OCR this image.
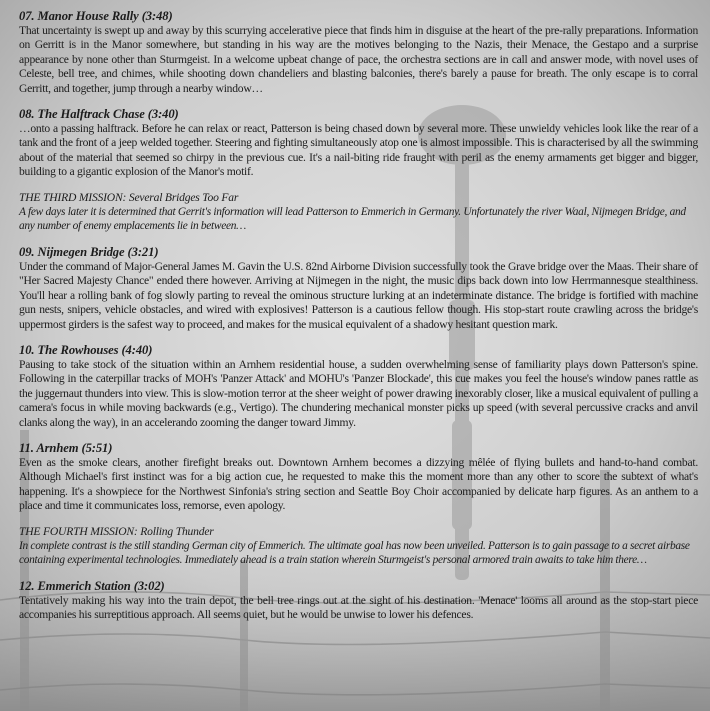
07. Manor House Rally (3:48)
That uncertainty is swept up and away by this scurrying accelerative piece that finds him in disguise at the heart of the pre-rally preparations. Information on Gerritt is in the Manor somewhere, but standing in his way are the motives belonging to the Nazis, their Menace, the Gestapo and a surprise appearance by none other than Sturmgeist. In a welcome upbeat change of pace, the orchestra sections are in call and answer mode, with novel uses of Celeste, bell tree, and chimes, while shooting down chandeliers and blasting balconies, there's barely a pause for breath. The only escape is to corral Gerritt, and together, jump through a nearby window…
08. The Halftrack Chase (3:40)
…onto a passing halftrack. Before he can relax or react, Patterson is being chased down by several more. These unwieldy vehicles look like the rear of a tank and the front of a jeep welded together. Steering and fighting simultaneously atop one is almost impossible. This is characterised by all the swimming about of the material that seemed so chirpy in the previous cue. It's a nail-biting ride fraught with peril as the enemy armaments get bigger and bigger, building to a gigantic explosion of the Manor's motif.
THE THIRD MISSION: Several Bridges Too Far
A few days later it is determined that Gerrit's information will lead Patterson to Emmerich in Germany. Unfortunately the river Waal, Nijmegen Bridge, and any number of enemy emplacements lie in between…
09. Nijmegen Bridge (3:21)
Under the command of Major-General James M. Gavin the U.S. 82nd Airborne Division successfully took the Grave bridge over the Maas. Their share of "Her Sacred Majesty Chance" ended there however. Arriving at Nijmegen in the night, the music dips back down into low Herrmannesque stealthiness. You'll hear a rolling bank of fog slowly parting to reveal the ominous structure lurking at an indeterminate distance. The bridge is fortified with machine gun nests, snipers, vehicle obstacles, and wired with explosives! Patterson is a cautious fellow though. His stop-start route crawling across the bridge's uppermost girders is the safest way to proceed, and makes for the musical equivalent of a shadowy hesitant question mark.
10. The Rowhouses (4:40)
Pausing to take stock of the situation within an Arnhem residential house, a sudden overwhelming sense of familiarity plays down Patterson's spine. Following in the caterpillar tracks of MOH's 'Panzer Attack' and MOHU's 'Panzer Blockade', this cue makes you feel the house's window panes rattle as the juggernaut thunders into view. This is slow-motion terror at the sheer weight of power drawing inexorably closer, like a musical equivalent of pulling a camera's focus in while moving backwards (e.g., Vertigo). The chundering mechanical monster picks up speed (with several percussive cracks and anvil clanks along the way), in an accelerando zooming the danger toward Jimmy.
11. Arnhem (5:51)
Even as the smoke clears, another firefight breaks out. Downtown Arnhem becomes a dizzying mêlée of flying bullets and hand-to-hand combat. Although Michael's first instinct was for a big action cue, he requested to make this the moment more than any other to score the subtext of what's happening. It's a showpiece for the Northwest Sinfonia's string section and Seattle Boy Choir accompanied by delicate harp figures. As an anthem to a place and time it communicates loss, remorse, even apology.
THE FOURTH MISSION: Rolling Thunder
In complete contrast is the still standing German city of Emmerich. The ultimate goal has now been unveiled. Patterson is to gain passage to a secret airbase containing experimental technologies. Immediately ahead is a train station wherein Sturmgeist's personal armored train awaits to take him there…
12. Emmerich Station (3:02)
Tentatively making his way into the train depot, the bell tree rings out at the sight of his destination. 'Menace' looms all around as the stop-start piece accompanies his surreptitious approach. All seems quiet, but he would be unwise to lower his defences.
